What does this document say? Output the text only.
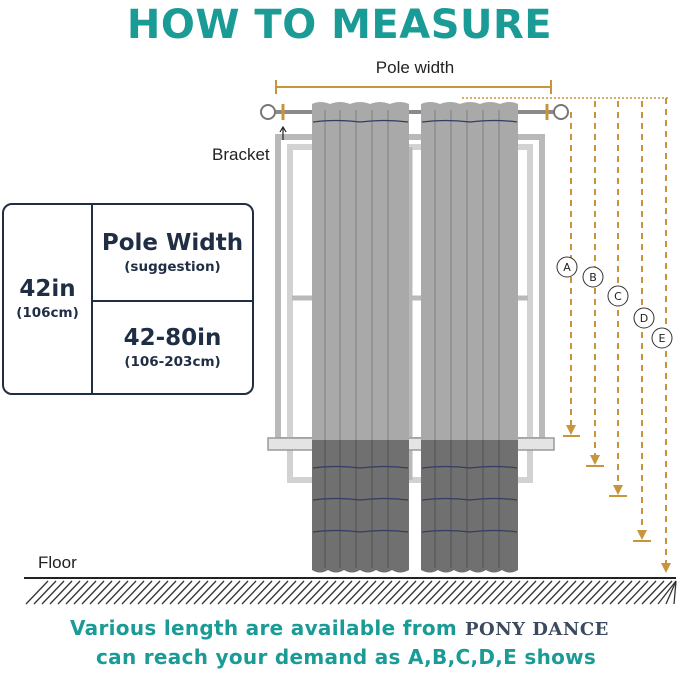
HOW TO MEASURE
A
B
C
D
E
Pole width
Bracket
Floor
42in
(106cm)
Pole Width
(suggestion)
42-80in
(106-203cm)
Various length are available from PONY DANCE
can reach your demand as A,B,C,D,E shows
